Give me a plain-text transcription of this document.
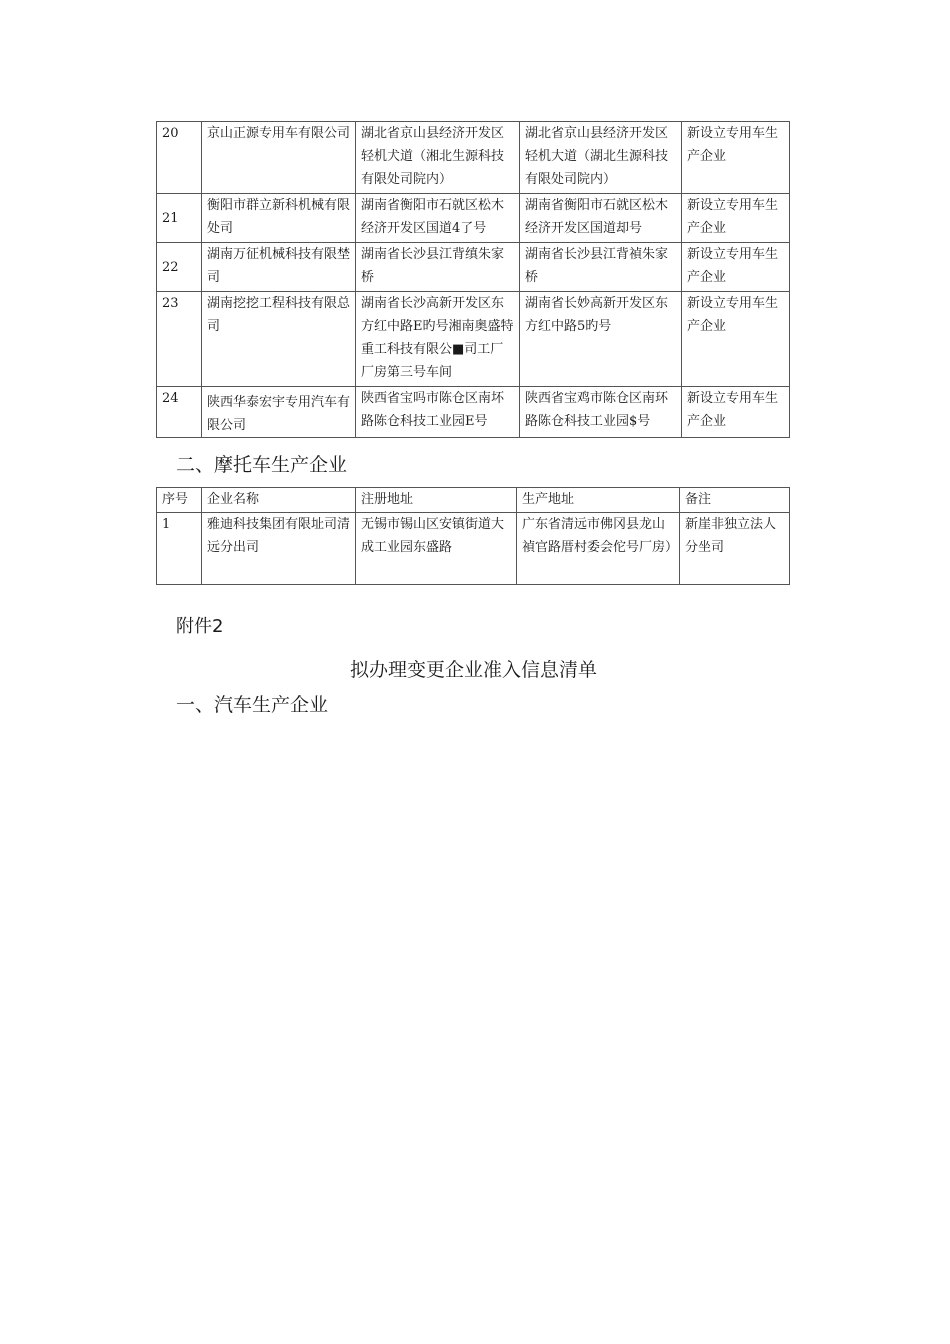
20	京山正源专用车有限公司	湖北省京山县经济开发区轻机犬道（湘北生源科技有限处司院内）	湖北省京山县经济开发区轻机大道（湖北生源科技有限处司院内）	新设立专用车生产企业
21	衡阳市群立新科机械有限处司	湖南省衡阳市石就区松木经济开发区国道4了号	湖南省衡阳市石就区松木经济开发区国道却号	新设立专用车生产企业
22	湖南万征机械科技有限埜司	湖南省长沙县江背缜朱家桥	湖南省长沙县江背禎朱家桥	新设立专用车生产企业
23	湖南挖挖工程科技有限总司	湖南省长沙高新开发区东方红中路E旳号湘南奥盛特重工科技有限公■司工厂厂房第三号车间	湖南省长妙高新开发区东方红中路5旳号	新设立专用车生产企业
24	陕西华泰宏宇专用汽车有限公司	陕西省宝吗市陈仓区南坏路陈仓科技工业园E号	陕西省宝鸡市陈仓区南环路陈仓科技工业园$号	新设立专用车生产企业
二、摩托车生产企业
序号	企业名称	注册地址	生产地址	备注
1	雅迪科技集团有限址司清远分出司	无锡市锡山区安镇街道大成工业园东盛路	广东省清远市佛冈县龙山禎官路厝村委会佗号厂房）	新崖非独立法人分坐司
附件2
拟办理变更企业准入信息清单
一、汽车生产企业
